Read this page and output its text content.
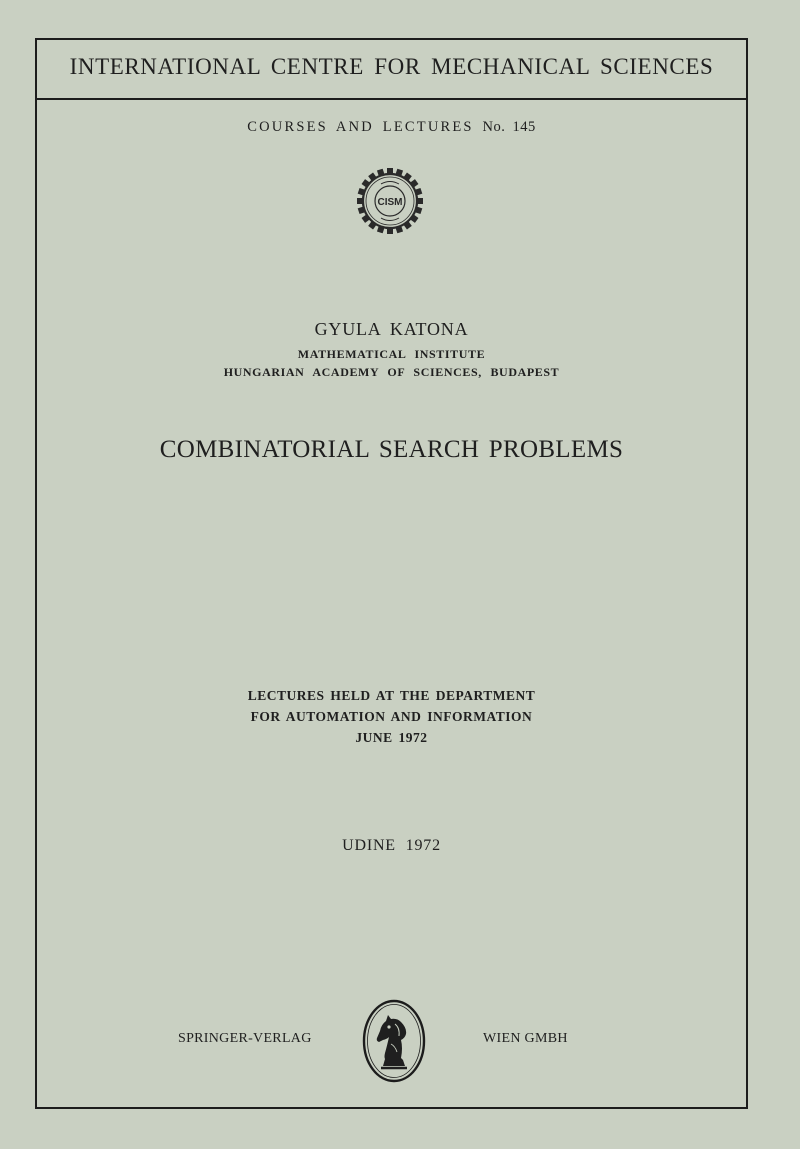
INTERNATIONAL CENTRE FOR MECHANICAL SCIENCES
COURSES AND LECTURES No. 145
CISM
GYULA KATONA
MATHEMATICAL INSTITUTE
HUNGARIAN ACADEMY OF SCIENCES, BUDAPEST
COMBINATORIAL SEARCH PROBLEMS
LECTURES HELD AT THE DEPARTMENT
FOR AUTOMATION AND INFORMATION
JUNE 1972
UDINE 1972
SPRINGER-VERLAG	WIEN GMBH
